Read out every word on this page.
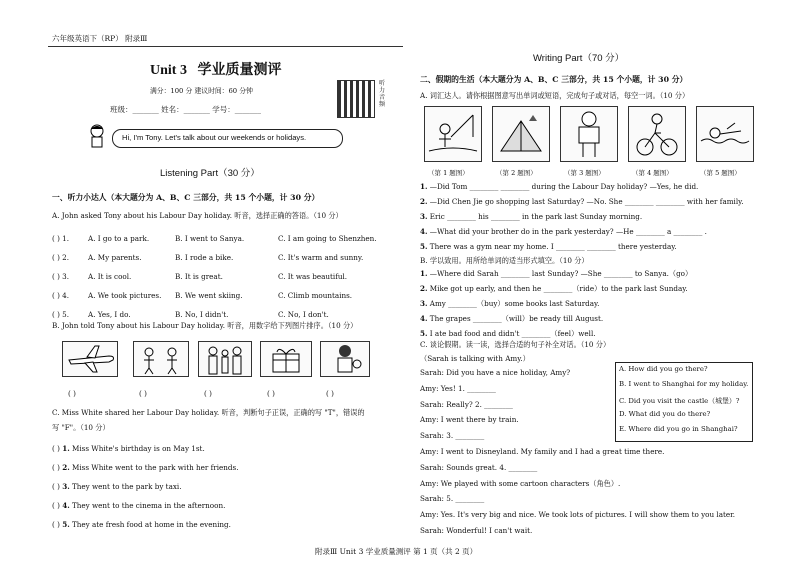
六年级英语下（RP） 附录Ⅲ
Unit 3 学业质量测评
满分：100 分 建议时间：60 分钟
班级：_______ 姓名：_______ 学号：_______
听力音频
Hi, I'm Tony. Let's talk about our weekends or holidays.
Listening Part（30 分）
一、听力小达人（本大题分为 A、B、C 三部分，共 15 个小题，计 30 分）
A. John asked Tony about his Labour Day holiday. 听音，选择正确的答语。（10 分）
( ) 1.	A. I go to a park.	B. I went to Sanya.	C. I am going to Shenzhen.
( ) 2.	A. My parents.	B. I rode a bike.	C. It's warm and sunny.
( ) 3.	A. It is cool.	B. It is great.	C. It was beautiful.
( ) 4.	A. We took pictures. B. We went skiing.	C. Climb mountains.
( ) 5.	A. Yes, I do.	B. No, I didn't.	C. No, I don't.
B. John told Tony about his Labour Day holiday. 听音，用数字给下列图片排序。（10 分）
( )	( )	( )	( )	( )
C. Miss White shared her Labour Day holiday. 听音，判断句子正误，正确的写 "T"，错误的
写 "F"。（10 分）
( ) 1. Miss White's birthday is on May 1st.
( ) 2. Miss White went to the park with her friends.
( ) 3. They went to the park by taxi.
( ) 4. They went to the cinema in the afternoon.
( ) 5. They ate fresh food at home in the evening.
Writing Part（70 分）
二、假期的生活（本大题分为 A、B、C 三部分，共 15 个小题，计 30 分）
A. 词汇达人。请你根据图意写出单词或短语，完成句子或对话，每空一词。（10 分）
（第 1 题图）	（第 2 题图）	（第 3 题图）	（第 4 题图）	（第 5 题图）
1. —Did Tom ________ ________ during the Labour Day holiday? —Yes, he did.
2. —Did Chen Jie go shopping last Saturday? —No. She ________ ________ with her family.
3. Eric ________ his ________ in the park last Sunday morning.
4. —What did your brother do in the park yesterday? —He ________ a ________ .
5. There was a gym near my home. I ________ ________ there yesterday.
B. 学以致用。用所给单词的适当形式填空。（10 分）
1. —Where did Sarah ________ last Sunday? —She ________ to Sanya.（go）
2. Mike got up early, and then he ________（ride）to the park last Sunday.
3. Amy ________（buy）some books last Saturday.
4. The grapes ________（will）be ready till August.
5. I ate bad food and didn't ________（feel）well.
C. 谈论假期。读一读，选择合适的句子补全对话。（10 分）
（Sarah is talking with Amy.）
Sarah: Did you have a nice holiday, Amy?
Amy: Yes! 1. ________
Sarah: Really? 2. ________
Amy: I went there by train.
Sarah: 3. ________
Amy: I went to Disneyland. My family and I had a great time there.
Sarah: Sounds great. 4. ________
Amy: We played with some cartoon characters（角色）.
Sarah: 5. ________
Amy: Yes. It's very big and nice. We took lots of pictures. I will show them to you later.
Sarah: Wonderful! I can't wait.
A. How did you go there?
B. I went to Shanghai for my holiday.
C. Did you visit the castle（城堡）?
D. What did you do there?
E. Where did you go in Shanghai?
附录Ⅲ Unit 3 学业质量测评 第 1 页（共 2 页）
